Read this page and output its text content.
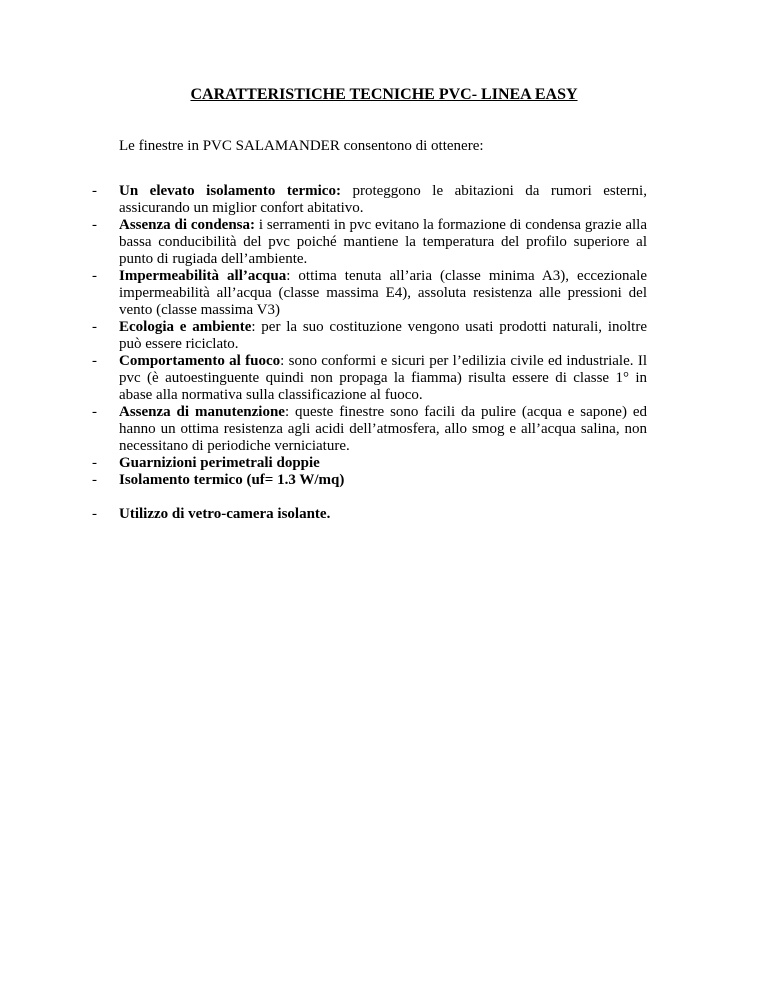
CARATTERISTICHE TECNICHE PVC- LINEA EASY
Le finestre in PVC SALAMANDER consentono di ottenere:
- Un elevato isolamento termico: proteggono le abitazioni da rumori esterni, assicurando un miglior confort abitativo.
- Assenza di condensa: i serramenti in pvc evitano la formazione di condensa grazie alla bassa conducibilità del pvc poiché mantiene la temperatura del profilo superiore al punto di rugiada dell’ambiente.
- Impermeabilità all’acqua: ottima tenuta all’aria (classe minima A3), eccezionale impermeabilità all’acqua (classe massima E4), assoluta resistenza alle pressioni del vento (classe massima V3)
- Ecologia e ambiente: per la suo costituzione vengono usati prodotti naturali, inoltre può essere riciclato.
- Comportamento al fuoco: sono conformi e sicuri per l’edilizia civile ed industriale. Il pvc (è autoestinguente quindi non propaga la fiamma) risulta essere di classe 1° in abase alla normativa sulla classificazione al fuoco.
- Assenza di manutenzione: queste finestre sono facili da pulire (acqua e sapone) ed hanno un ottima resistenza agli acidi dell’atmosfera, allo smog e all’acqua salina, non necessitano di periodiche verniciature.
- Guarnizioni perimetrali doppie
- Isolamento termico (uf= 1.3 W/mq)
- Utilizzo di vetro-camera isolante.
